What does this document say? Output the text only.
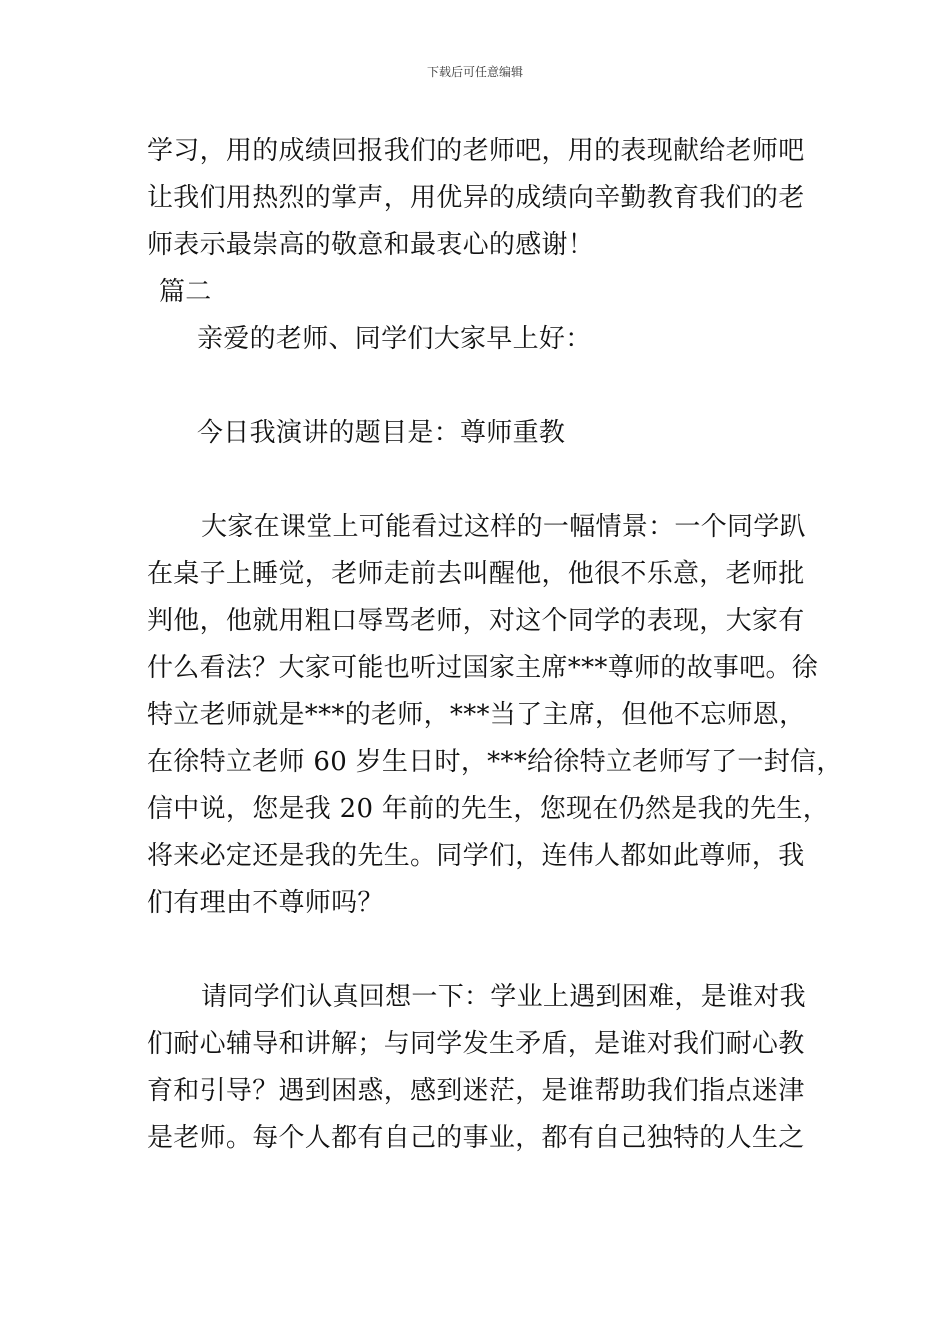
下载后可任意编辑
学习，用的成绩回报我们的老师吧，用的表现献给老师吧
让我们用热烈的掌声，用优异的成绩向辛勤教育我们的老
师表示最崇高的敬意和最衷心的感谢！
篇二
亲爱的老师、同学们大家早上好：
今日我演讲的题目是：尊师重教
大家在课堂上可能看过这样的一幅情景：一个同学趴
在桌子上睡觉，老师走前去叫醒他，他很不乐意，老师批
判他，他就用粗口辱骂老师，对这个同学的表现，大家有
什么看法？大家可能也听过国家主席***尊师的故事吧。徐
特立老师就是***的老师，***当了主席，但他不忘师恩，
在徐特立老师 60 岁生日时，***给徐特立老师写了一封信，
信中说，您是我 20 年前的先生，您现在仍然是我的先生，
将来必定还是我的先生。同学们，连伟人都如此尊师，我
们有理由不尊师吗？
请同学们认真回想一下：学业上遇到困难，是谁对我
们耐心辅导和讲解；与同学发生矛盾，是谁对我们耐心教
育和引导？遇到困惑，感到迷茫，是谁帮助我们指点迷津
是老师。每个人都有自己的事业，都有自己独特的人生之
